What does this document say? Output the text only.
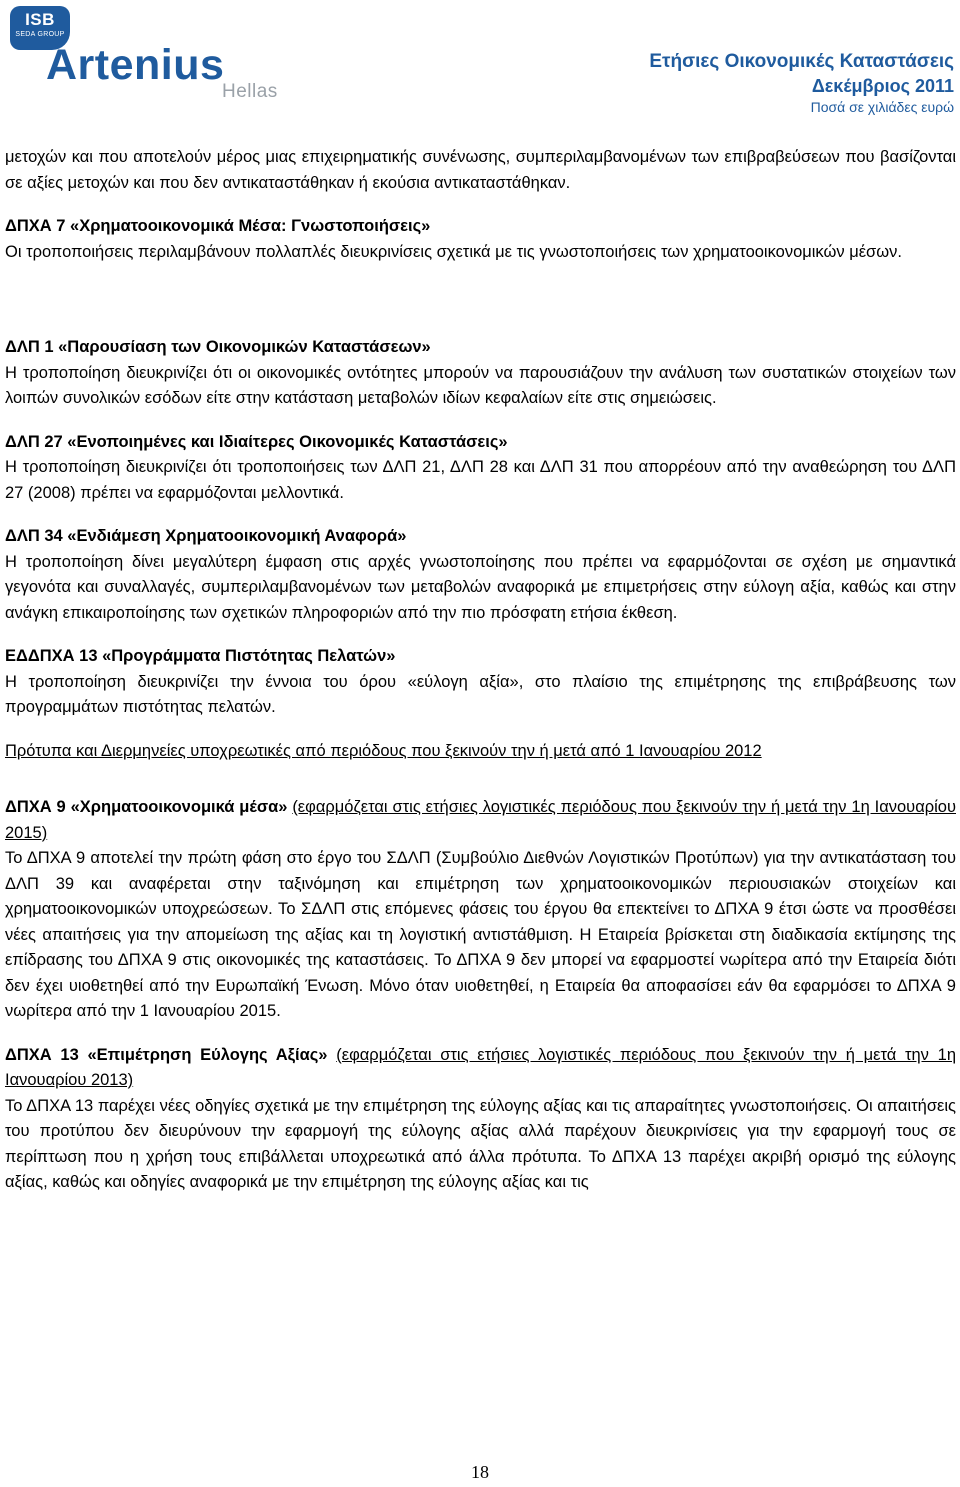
ISB
SEDA GROUP
Artenius
Hellas
Ετήσιες Οικονομικές Καταστάσεις
Δεκέμβριος 2011
Ποσά σε χιλιάδες ευρώ

μετοχών και που αποτελούν μέρος μιας επιχειρηματικής συνένωσης, συμπεριλαμβανομένων των επιβραβεύσεων που βασίζονται σε αξίες μετοχών και που δεν αντικαταστάθηκαν ή εκούσια αντικαταστάθηκαν.

ΔΠΧΑ 7 «Χρηματοοικονομικά Μέσα: Γνωστοποιήσεις»

Οι τροποποιήσεις περιλαμβάνουν πολλαπλές διευκρινίσεις σχετικά με τις γνωστοποιήσεις των χρηματοοικονομικών μέσων.

ΔΛΠ 1 «Παρουσίαση των Οικονομικών Καταστάσεων»

Η τροποποίηση διευκρινίζει ότι οι οικονομικές οντότητες μπορούν να παρουσιάζουν την ανάλυση των συστατικών στοιχείων των λοιπών συνολικών εσόδων είτε στην κατάσταση μεταβολών ιδίων κεφαλαίων είτε στις σημειώσεις.

ΔΛΠ 27 «Ενοποιημένες και Ιδιαίτερες Οικονομικές Καταστάσεις»

Η τροποποίηση διευκρινίζει ότι τροποποιήσεις των ΔΛΠ 21, ΔΛΠ 28 και ΔΛΠ 31 που απορρέουν από την αναθεώρηση του ΔΛΠ 27 (2008) πρέπει να εφαρμόζονται μελλοντικά.

ΔΛΠ 34 «Ενδιάμεση Χρηματοοικονομική Αναφορά»

Η τροποποίηση δίνει μεγαλύτερη έμφαση στις αρχές γνωστοποίησης που πρέπει να εφαρμόζονται σε σχέση με σημαντικά γεγονότα και συναλλαγές, συμπεριλαμβανομένων των μεταβολών αναφορικά με επιμετρήσεις στην εύλογη αξία, καθώς και στην ανάγκη επικαιροποίησης των σχετικών πληροφοριών από την πιο πρόσφατη ετήσια έκθεση.

ΕΔΔΠΧΑ 13 «Προγράμματα Πιστότητας Πελατών»

Η τροποποίηση διευκρινίζει την έννοια του όρου «εύλογη αξία», στο πλαίσιο της επιμέτρησης της επιβράβευσης των προγραμμάτων πιστότητας πελατών.

Πρότυπα και Διερμηνείες υποχρεωτικές από περιόδους που ξεκινούν την ή μετά από 1 Ιανουαρίου 2012

ΔΠΧΑ 9 «Χρηματοοικονομικά μέσα» (εφαρμόζεται στις ετήσιες λογιστικές περιόδους που ξεκινούν την ή μετά την 1η Ιανουαρίου 2015)

Το ΔΠΧΑ 9 αποτελεί την πρώτη φάση στο έργο του ΣΔΛΠ (Συμβούλιο Διεθνών Λογιστικών Προτύπων) για την αντικατάσταση του ΔΛΠ 39 και αναφέρεται στην ταξινόμηση και επιμέτρηση των χρηματοοικονομικών περιουσιακών στοιχείων και χρηματοοικονομικών υποχρεώσεων. Το ΣΔΛΠ στις επόμενες φάσεις του έργου θα επεκτείνει το ΔΠΧΑ 9 έτσι ώστε να προσθέσει νέες απαιτήσεις για την απομείωση της αξίας και τη λογιστική αντιστάθμιση. Η Εταιρεία βρίσκεται στη διαδικασία εκτίμησης της επίδρασης του ΔΠΧΑ 9 στις οικονομικές της καταστάσεις. Το ΔΠΧΑ 9 δεν μπορεί να εφαρμοστεί νωρίτερα από την Εταιρεία διότι δεν έχει υιοθετηθεί από την Ευρωπαϊκή Ένωση. Μόνο όταν υιοθετηθεί, η Εταιρεία θα αποφασίσει εάν θα εφαρμόσει το ΔΠΧΑ 9 νωρίτερα από την 1 Ιανουαρίου 2015.

ΔΠΧΑ 13 «Επιμέτρηση Εύλογης Αξίας» (εφαρμόζεται στις ετήσιες λογιστικές περιόδους που ξεκινούν την ή μετά την 1η Ιανουαρίου 2013)

Το ΔΠΧΑ 13 παρέχει νέες οδηγίες σχετικά με την επιμέτρηση της εύλογης αξίας και τις απαραίτητες γνωστοποιήσεις. Οι απαιτήσεις του προτύπου δεν διευρύνουν την εφαρμογή της εύλογης αξίας αλλά παρέχουν διευκρινίσεις για την εφαρμογή τους σε περίπτωση που η χρήση τους επιβάλλεται υποχρεωτικά από άλλα πρότυπα. Το ΔΠΧΑ 13 παρέχει ακριβή ορισμό της εύλογης αξίας, καθώς και οδηγίες αναφορικά με την επιμέτρηση της εύλογης αξίας και τις

18
